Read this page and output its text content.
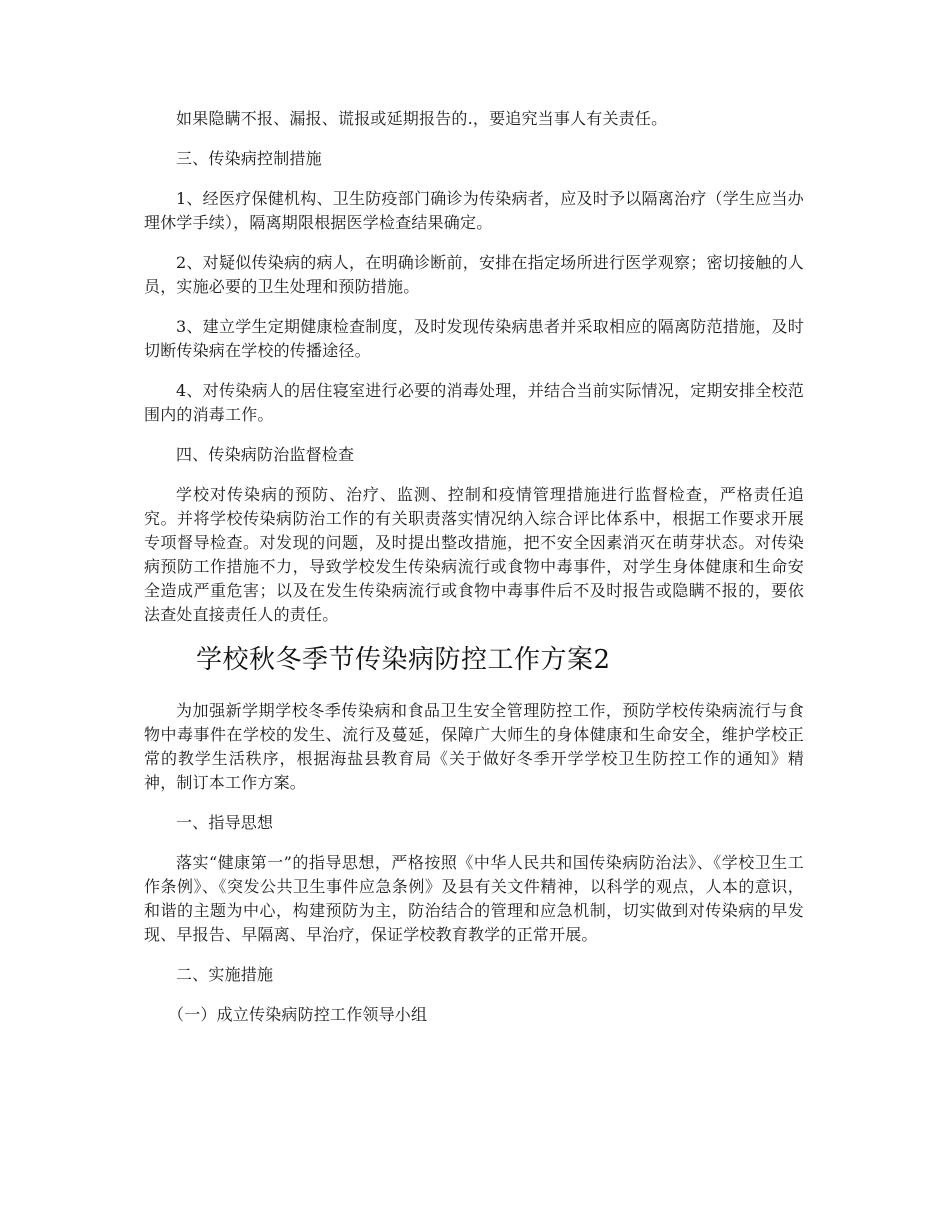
如果隐瞒不报、漏报、谎报或延期报告的.，要追究当事人有关责任。

三、传染病控制措施

1、经医疗保健机构、卫生防疫部门确诊为传染病者，应及时予以隔离治疗（学生应当办理休学手续），隔离期限根据医学检查结果确定。

2、对疑似传染病的病人，在明确诊断前，安排在指定场所进行医学观察；密切接触的人员，实施必要的卫生处理和预防措施。

3、建立学生定期健康检查制度，及时发现传染病患者并采取相应的隔离防范措施，及时切断传染病在学校的传播途径。

4、对传染病人的居住寝室进行必要的消毒处理，并结合当前实际情况，定期安排全校范围内的消毒工作。

四、传染病防治监督检查

学校对传染病的预防、治疗、监测、控制和疫情管理措施进行监督检查，严格责任追究。并将学校传染病防治工作的有关职责落实情况纳入综合评比体系中，根据工作要求开展专项督导检查。对发现的问题，及时提出整改措施，把不安全因素消灭在萌芽状态。对传染病预防工作措施不力，导致学校发生传染病流行或食物中毒事件，对学生身体健康和生命安全造成严重危害；以及在发生传染病流行或食物中毒事件后不及时报告或隐瞒不报的，要依法查处直接责任人的责任。

学校秋冬季节传染病防控工作方案2

为加强新学期学校冬季传染病和食品卫生安全管理防控工作，预防学校传染病流行与食物中毒事件在学校的发生、流行及蔓延，保障广大师生的身体健康和生命安全，维护学校正常的教学生活秩序，根据海盐县教育局《关于做好冬季开学学校卫生防控工作的通知》精神，制订本工作方案。

一、指导思想

落实“健康第一”的指导思想，严格按照《中华人民共和国传染病防治法》、《学校卫生工作条例》、《突发公共卫生事件应急条例》及县有关文件精神，以科学的观点，人本的意识，和谐的主题为中心，构建预防为主，防治结合的管理和应急机制，切实做到对传染病的早发现、早报告、早隔离、早治疗，保证学校教育教学的正常开展。

二、实施措施

（一）成立传染病防控工作领导小组
